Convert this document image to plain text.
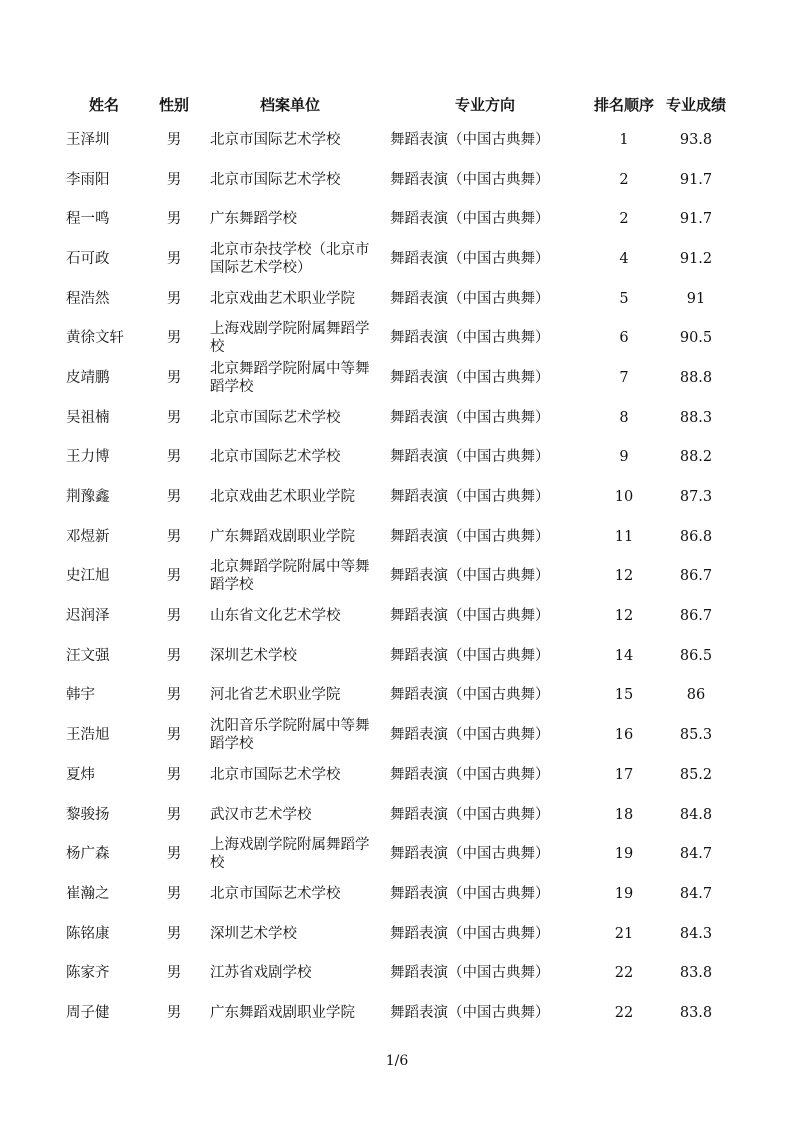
姓名	性别	档案单位	专业方向	排名顺序	专业成绩
王泽圳	男	北京市国际艺术学校	舞蹈表演（中国古典舞）	1	93.8
李雨阳	男	北京市国际艺术学校	舞蹈表演（中国古典舞）	2	91.7
程一鸣	男	广东舞蹈学校	舞蹈表演（中国古典舞）	2	91.7
石可政	男	北京市杂技学校（北京市国际艺术学校）	舞蹈表演（中国古典舞）	4	91.2
程浩然	男	北京戏曲艺术职业学院	舞蹈表演（中国古典舞）	5	91
黄徐文轩	男	上海戏剧学院附属舞蹈学校	舞蹈表演（中国古典舞）	6	90.5
皮靖鹏	男	北京舞蹈学院附属中等舞蹈学校	舞蹈表演（中国古典舞）	7	88.8
吴祖楠	男	北京市国际艺术学校	舞蹈表演（中国古典舞）	8	88.3
王力博	男	北京市国际艺术学校	舞蹈表演（中国古典舞）	9	88.2
荆豫鑫	男	北京戏曲艺术职业学院	舞蹈表演（中国古典舞）	10	87.3
邓煜新	男	广东舞蹈戏剧职业学院	舞蹈表演（中国古典舞）	11	86.8
史江旭	男	北京舞蹈学院附属中等舞蹈学校	舞蹈表演（中国古典舞）	12	86.7
迟润泽	男	山东省文化艺术学校	舞蹈表演（中国古典舞）	12	86.7
汪文强	男	深圳艺术学校	舞蹈表演（中国古典舞）	14	86.5
韩宇	男	河北省艺术职业学院	舞蹈表演（中国古典舞）	15	86
王浩旭	男	沈阳音乐学院附属中等舞蹈学校	舞蹈表演（中国古典舞）	16	85.3
夏炜	男	北京市国际艺术学校	舞蹈表演（中国古典舞）	17	85.2
黎骏扬	男	武汉市艺术学校	舞蹈表演（中国古典舞）	18	84.8
杨广森	男	上海戏剧学院附属舞蹈学校	舞蹈表演（中国古典舞）	19	84.7
崔瀚之	男	北京市国际艺术学校	舞蹈表演（中国古典舞）	19	84.7
陈铭康	男	深圳艺术学校	舞蹈表演（中国古典舞）	21	84.3
陈家齐	男	江苏省戏剧学校	舞蹈表演（中国古典舞）	22	83.8
周子健	男	广东舞蹈戏剧职业学院	舞蹈表演（中国古典舞）	22	83.8
1/6
